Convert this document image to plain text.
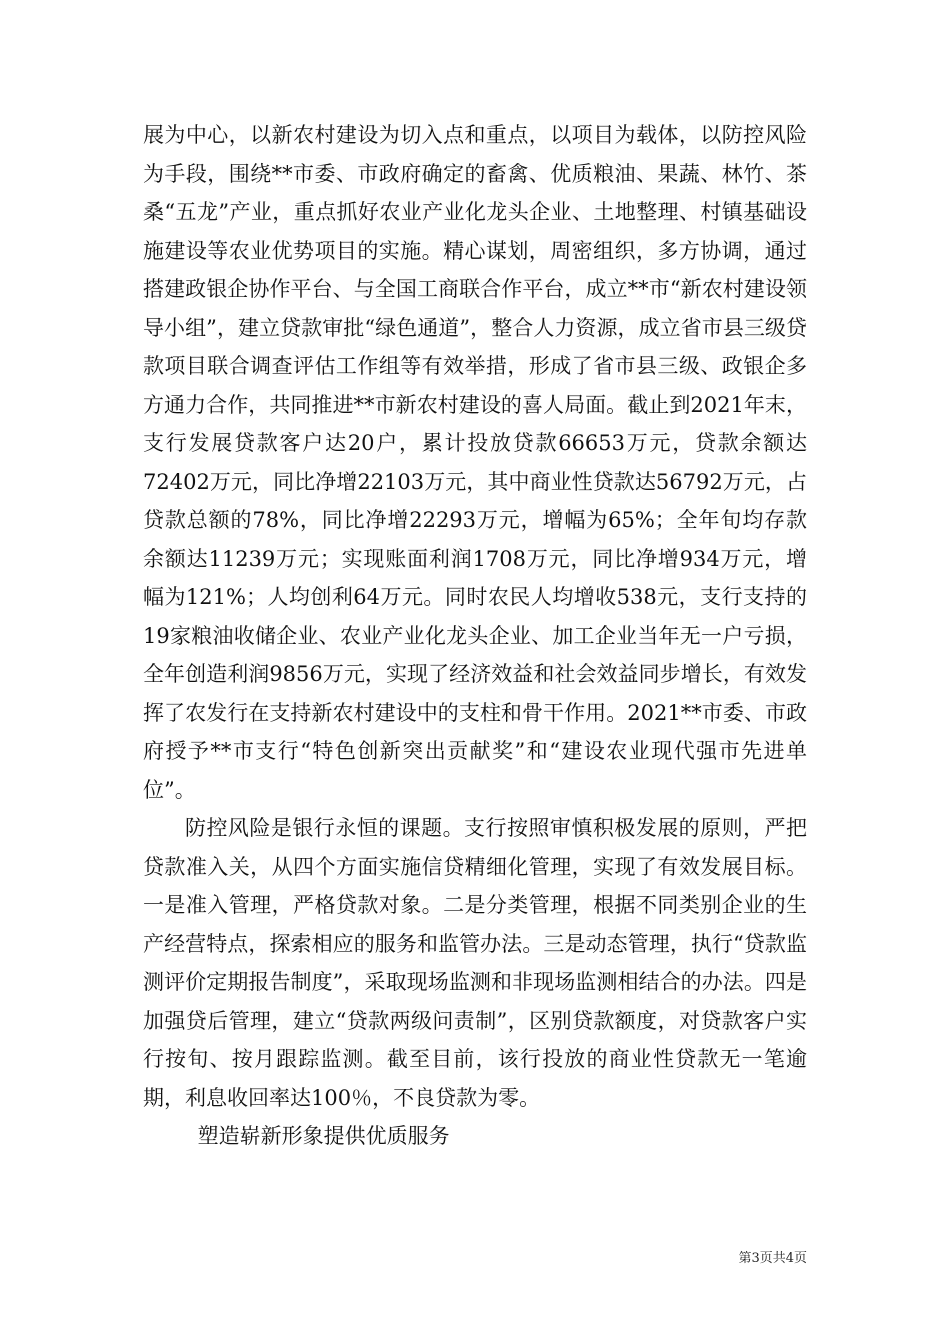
展为中心，以新农村建设为切入点和重点，以项目为载体，以防控风险为手段，围绕**市委、市政府确定的畜禽、优质粮油、果蔬、林竹、茶桑“五龙”产业，重点抓好农业产业化龙头企业、土地整理、村镇基础设施建设等农业优势项目的实施。精心谋划，周密组织，多方协调，通过搭建政银企协作平台、与全国工商联合作平台，成立**市“新农村建设领导小组”，建立贷款审批“绿色通道”，整合人力资源，成立省市县三级贷款项目联合调查评估工作组等有效举措，形成了省市县三级、政银企多方通力合作，共同推进**市新农村建设的喜人局面。截止到2021年末，支行发展贷款客户达20户，累计投放贷款66653万元，贷款余额达72402万元，同比净增22103万元，其中商业性贷款达56792万元，占贷款总额的78%，同比净增22293万元，增幅为65%；全年旬均存款余额达11239万元；实现账面利润1708万元，同比净增934万元，增幅为121%；人均创利64万元。同时农民人均增收538元，支行支持的19家粮油收储企业、农业产业化龙头企业、加工企业当年无一户亏损，全年创造利润9856万元，实现了经济效益和社会效益同步增长，有效发挥了农发行在支持新农村建设中的支柱和骨干作用。2021**市委、市政府授予**市支行“特色创新突出贡献奖”和“建设农业现代强市先进单位”。

防控风险是银行永恒的课题。支行按照审慎积极发展的原则，严把贷款准入关，从四个方面实施信贷精细化管理，实现了有效发展目标。一是准入管理，严格贷款对象。二是分类管理，根据不同类别企业的生产经营特点，探索相应的服务和监管办法。三是动态管理，执行“贷款监测评价定期报告制度”，采取现场监测和非现场监测相结合的办法。四是加强贷后管理，建立“贷款两级问责制”，区别贷款额度，对贷款客户实行按旬、按月跟踪监测。截至目前，该行投放的商业性贷款无一笔逾期，利息收回率达100％，不良贷款为零。

塑造崭新形象提供优质服务

第3页共4页
